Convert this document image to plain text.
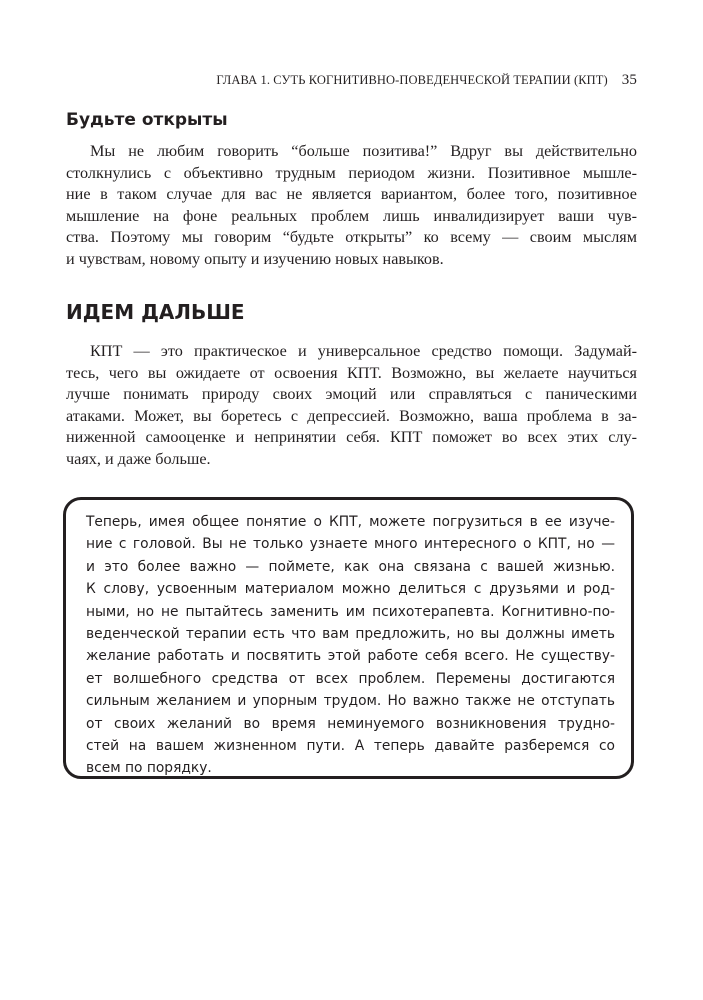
ГЛАВА 1. СУТЬ КОГНИТИВНО-ПОВЕДЕНЧЕСКОЙ ТЕРАПИИ (КПТ) 35
Будьте открыты
Мы не любим говорить “больше позитива!” Вдруг вы действительно
столкнулись с объективно трудным периодом жизни. Позитивное мышле-
ние в таком случае для вас не является вариантом, более того, позитивное
мышление на фоне реальных проблем лишь инвалидизирует ваши чув-
ства. Поэтому мы говорим “будьте открыты” ко всему — своим мыслям
и чувствам, новому опыту и изучению новых навыков.
ИДЕМ ДАЛЬШЕ
КПТ — это практическое и универсальное средство помощи. Задумай-
тесь, чего вы ожидаете от освоения КПТ. Возможно, вы желаете научиться
лучше понимать природу своих эмоций или справляться с паническими
атаками. Может, вы боретесь с депрессией. Возможно, ваша проблема в за-
ниженной самооценке и непринятии себя. КПТ поможет во всех этих слу-
чаях, и даже больше.
Теперь, имея общее понятие о КПТ, можете погрузиться в ее изуче-
ние с головой. Вы не только узнаете много интересного о КПТ, но —
и это более важно — поймете, как она связана с вашей жизнью.
К слову, усвоенным материалом можно делиться с друзьями и род-
ными, но не пытайтесь заменить им психотерапевта. Когнитивно-по-
веденческой терапии есть что вам предложить, но вы должны иметь
желание работать и посвятить этой работе себя всего. Не существу-
ет волшебного средства от всех проблем. Перемены достигаются
сильным желанием и упорным трудом. Но важно также не отступать
от своих желаний во время неминуемого возникновения трудно-
стей на вашем жизненном пути. А теперь давайте разберемся со
всем по порядку.
